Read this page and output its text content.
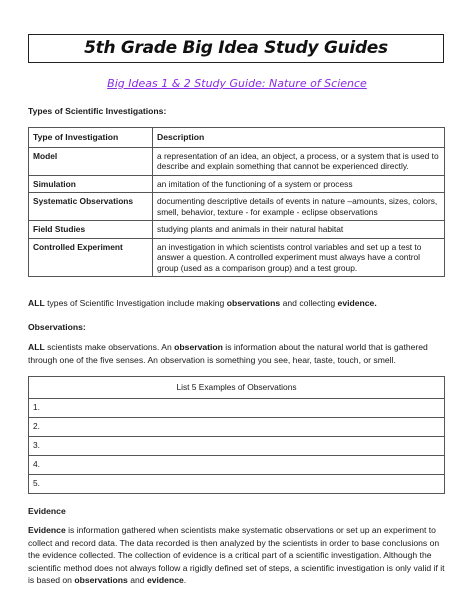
5th Grade Big Idea Study Guides
Big Ideas 1 & 2 Study Guide: Nature of Science
Types of Scientific Investigations:
Type of Investigation	Description
Model	a representation of an idea, an object, a process, or a system that is used to describe and explain something that cannot be experienced directly.
Simulation	an imitation of the functioning of a system or process
Systematic Observations	documenting descriptive details of events in nature –amounts, sizes, colors, smell, behavior, texture - for example - eclipse observations
Field Studies	studying plants and animals in their natural habitat
Controlled Experiment	an investigation in which scientists control variables and set up a test to answer a question. A controlled experiment must always have a control group (used as a comparison group) and a test group.
ALL types of Scientific Investigation include making observations and collecting evidence.
Observations:
ALL scientists make observations. An observation is information about the natural world that is gathered through one of the five senses. An observation is something you see, hear, taste, touch, or smell.
List 5 Examples of Observations
1.
2.
3.
4.
5.
Evidence
Evidence is information gathered when scientists make systematic observations or set up an experiment to collect and record data. The data recorded is then analyzed by the scientists in order to base conclusions on the evidence collected. The collection of evidence is a critical part of a scientific investigation. Although the scientific method does not always follow a rigidly defined set of steps, a scientific investigation is only valid if it is based on observations and evidence.
